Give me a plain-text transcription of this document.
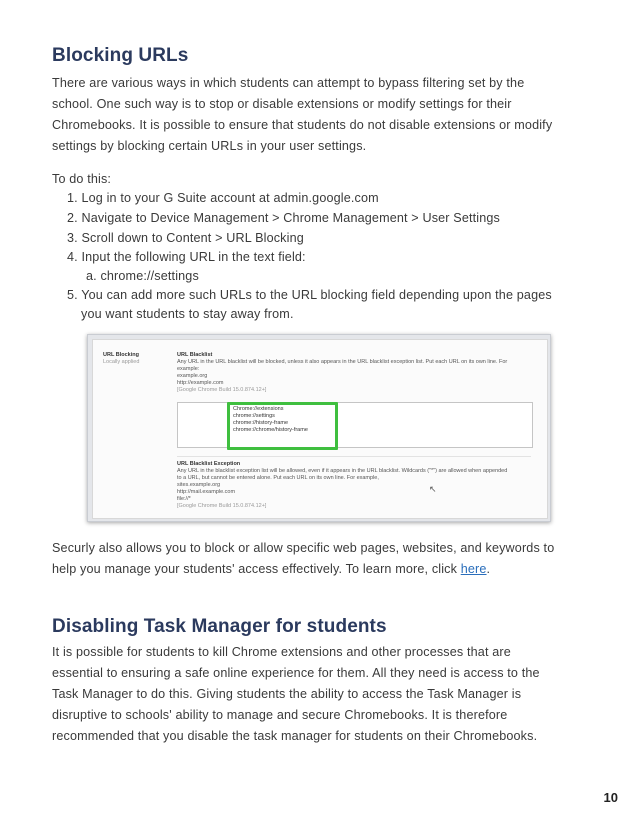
Blocking URLs

There are various ways in which students can attempt to bypass filtering set by the
school. One such way is to stop or disable extensions or modify settings for their
Chromebooks. It is possible to ensure that students do not disable extensions or modify
settings by blocking certain URLs in your user settings.

To do this:
1. Log in to your G Suite account at admin.google.com
2. Navigate to Device Management > Chrome Management > User Settings
3. Scroll down to Content > URL Blocking
4. Input the following URL in the text field:
a. chrome://settings
5. You can add more such URLs to the URL blocking field depending upon the pages
you want students to stay away from.
URL Blocking
Locally applied
URL Blacklist
Any URL in the URL blacklist will be blocked, unless it also appears in the URL blacklist exception list. Put each URL on its own line. For
example:
example.org
http://example.com
[Google Chrome Build 15.0.874.12+]
Chrome://extensions
chrome://settings
chrome://history-frame
chrome://chrome/history-frame
URL Blacklist Exception
Any URL in the blacklist exception list will be allowed, even if it appears in the URL blacklist. Wildcards ("*") are allowed when appended
to a URL, but cannot be entered alone. Put each URL on its own line. For example,
sites.example.org
http://mail.example.com
file://*
[Google Chrome Build 15.0.874.12+]
↖

Securly also allows you to block or allow specific web pages, websites, and keywords to
help you manage your students' access effectively. To learn more, click here.

Disabling Task Manager for students

It is possible for students to kill Chrome extensions and other processes that are
essential to ensuring a safe online experience for them. All they need is access to the
Task Manager to do this. Giving students the ability to access the Task Manager is
disruptive to schools' ability to manage and secure Chromebooks. It is therefore
recommended that you disable the task manager for students on their Chromebooks.

10
